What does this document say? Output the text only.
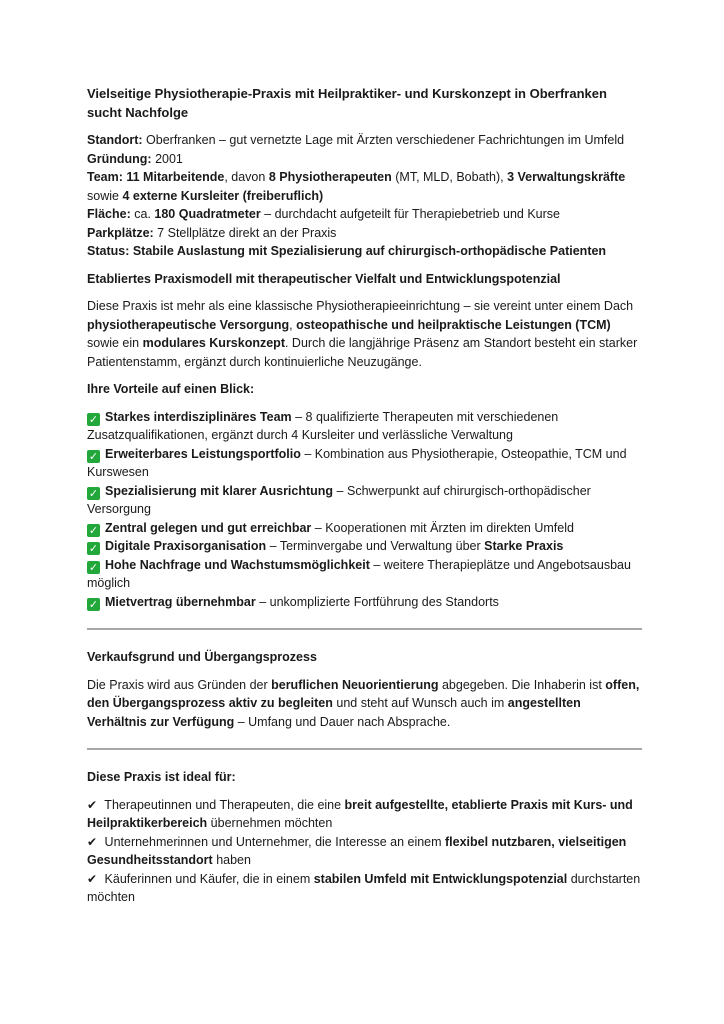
Vielseitige Physiotherapie-Praxis mit Heilpraktiker- und Kurskonzept in Oberfranken sucht Nachfolge

Standort: Oberfranken – gut vernetzte Lage mit Ärzten verschiedener Fachrichtungen im Umfeld

Gründung: 2001

Team: 11 Mitarbeitende, davon 8 Physiotherapeuten (MT, MLD, Bobath), 3 Verwaltungskräfte sowie 4 externe Kursleiter (freiberuflich)

Fläche: ca. 180 Quadratmeter – durchdacht aufgeteilt für Therapiebetrieb und Kurse

Parkplätze: 7 Stellplätze direkt an der Praxis

Status: Stabile Auslastung mit Spezialisierung auf chirurgisch-orthopädische Patienten

Etabliertes Praxismodell mit therapeutischer Vielfalt und Entwicklungspotenzial

Diese Praxis ist mehr als eine klassische Physiotherapieeinrichtung – sie vereint unter einem Dach physiotherapeutische Versorgung, osteopathische und heilpraktische Leistungen (TCM) sowie ein modulares Kurskonzept. Durch die langjährige Präsenz am Standort besteht ein starker Patientenstamm, ergänzt durch kontinuierliche Neuzugänge.

Ihre Vorteile auf einen Blick:

✓ Starkes interdisziplinäres Team – 8 qualifizierte Therapeuten mit verschiedenen Zusatzqualifikationen, ergänzt durch 4 Kursleiter und verlässliche Verwaltung
✓ Erweiterbares Leistungsportfolio – Kombination aus Physiotherapie, Osteopathie, TCM und Kurswesen
✓ Spezialisierung mit klarer Ausrichtung – Schwerpunkt auf chirurgisch-orthopädischer Versorgung
✓ Zentral gelegen und gut erreichbar – Kooperationen mit Ärzten im direkten Umfeld
✓ Digitale Praxisorganisation – Terminvergabe und Verwaltung über Starke Praxis
✓ Hohe Nachfrage und Wachstumsmöglichkeit – weitere Therapieplätze und Angebotsausbau möglich
✓ Mietvertrag übernehmbar – unkomplizierte Fortführung des Standorts

Verkaufsgrund und Übergangsprozess

Die Praxis wird aus Gründen der beruflichen Neuorientierung abgegeben. Die Inhaberin ist offen, den Übergangsprozess aktiv zu begleiten und steht auf Wunsch auch im angestellten Verhältnis zur Verfügung – Umfang und Dauer nach Absprache.

Diese Praxis ist ideal für:

✔ Therapeutinnen und Therapeuten, die eine breit aufgestellte, etablierte Praxis mit Kurs- und Heilpraktikerbereich übernehmen möchten
✔ Unternehmerinnen und Unternehmer, die Interesse an einem flexibel nutzbaren, vielseitigen Gesundheitsstandort haben
✔ Käuferinnen und Käufer, die in einem stabilen Umfeld mit Entwicklungspotenzial durchstarten möchten
